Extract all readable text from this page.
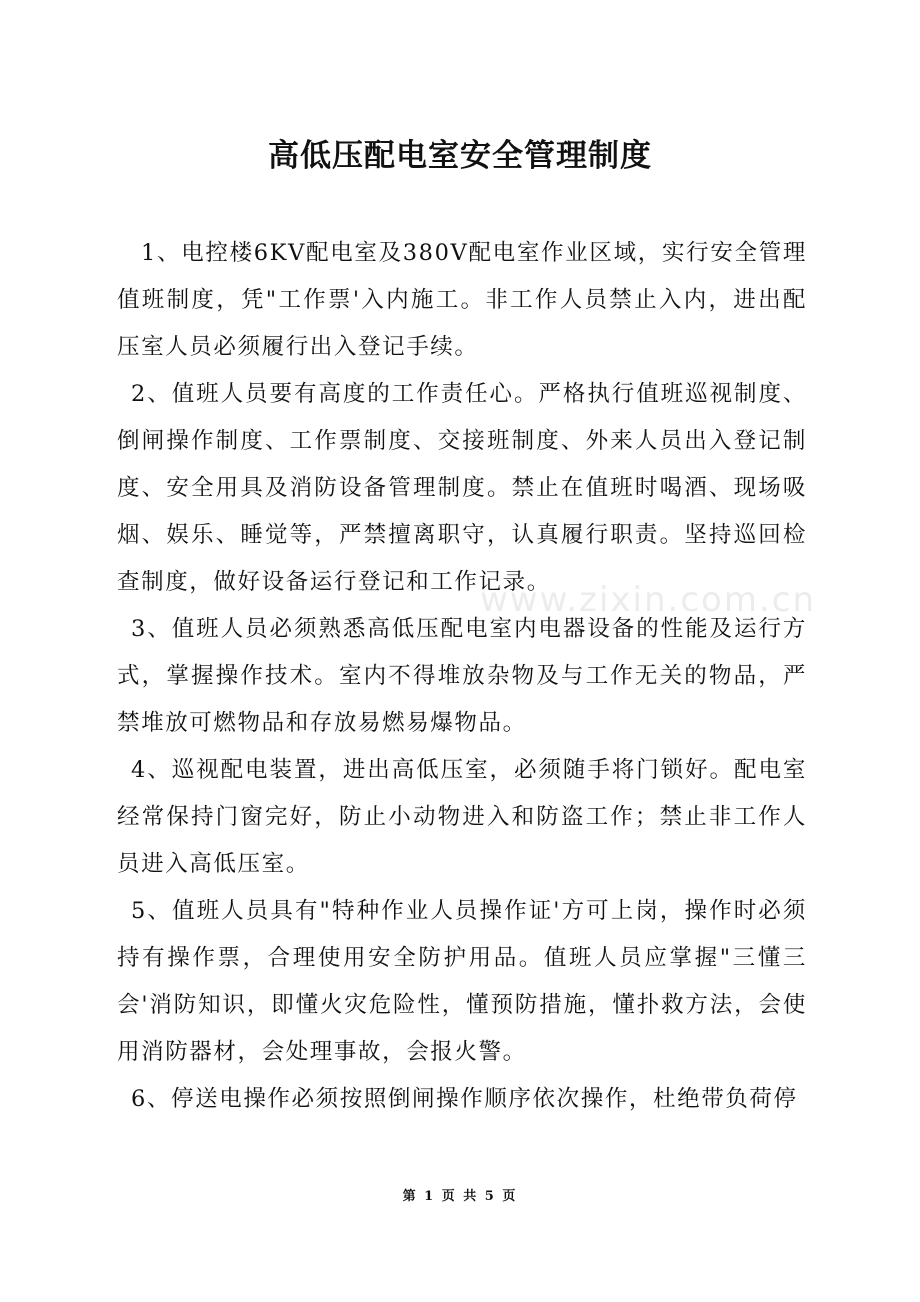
高低压配电室安全管理制度
www.zixin.com.cn

1、电控楼6KV配电室及380V配电室作业区域，实行安全管理值班制度，凭"工作票'入内施工。非工作人员禁止入内，进出配压室人员必须履行出入登记手续。

2、值班人员要有高度的工作责任心。严格执行值班巡视制度、倒闸操作制度、工作票制度、交接班制度、外来人员出入登记制度、安全用具及消防设备管理制度。禁止在值班时喝酒、现场吸烟、娱乐、睡觉等，严禁擅离职守，认真履行职责。坚持巡回检查制度，做好设备运行登记和工作记录。

3、值班人员必须熟悉高低压配电室内电器设备的性能及运行方式，掌握操作技术。室内不得堆放杂物及与工作无关的物品，严禁堆放可燃物品和存放易燃易爆物品。

4、巡视配电装置，进出高低压室，必须随手将门锁好。配电室经常保持门窗完好，防止小动物进入和防盗工作；禁止非工作人员进入高低压室。

5、值班人员具有"特种作业人员操作证'方可上岗，操作时必须持有操作票，合理使用安全防护用品。值班人员应掌握"三懂三会'消防知识，即懂火灾危险性，懂预防措施，懂扑救方法，会使用消防器材，会处理事故，会报火警。

6、停送电操作必须按照倒闸操作顺序依次操作，杜绝带负荷停

第 1 页 共 5 页
